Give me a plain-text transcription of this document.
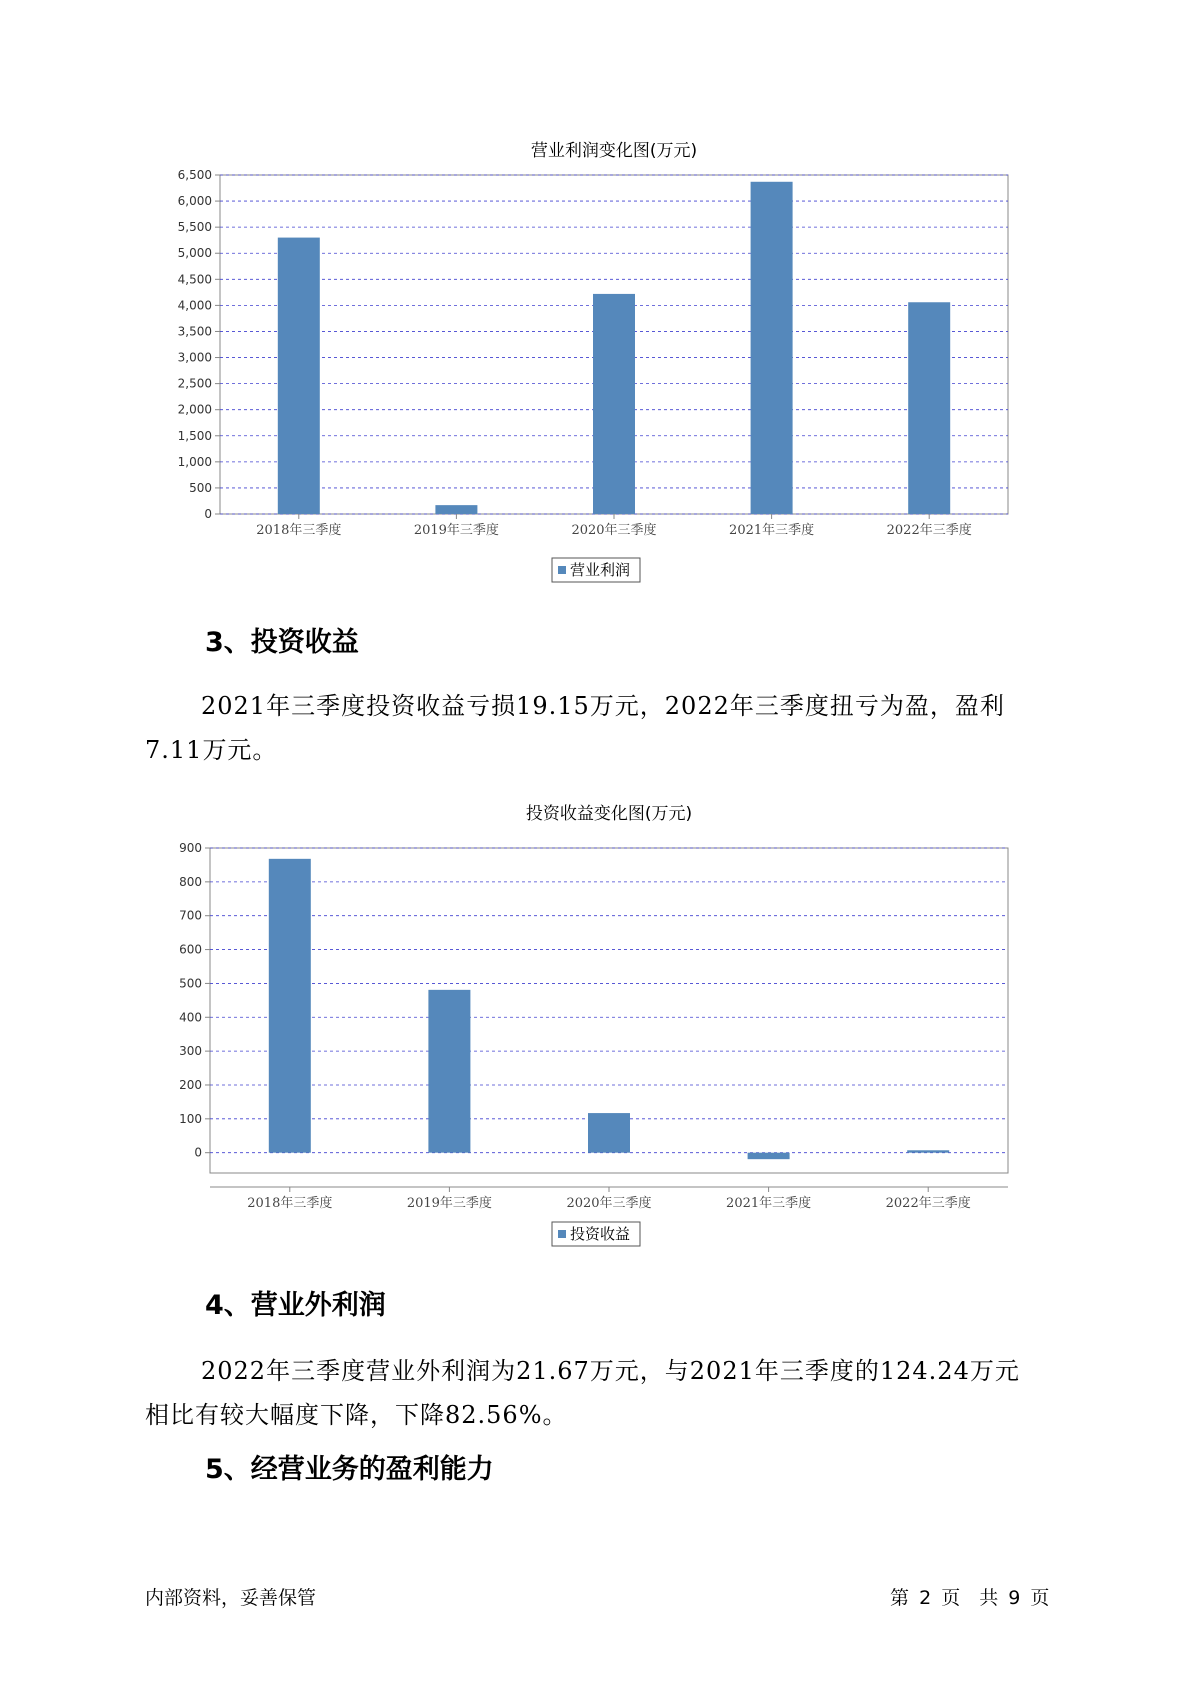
营业利润变化图(万元)
0
500
1,000
1,500
2,000
2,500
3,000
3,500
4,000
4,500
5,000
5,500
6,000
6,500
2018年三季度	2019年三季度	2020年三季度	2021年三季度	2022年三季度
营业利润
3、投资收益

2021年三季度投资收益亏损19.15万元，2022年三季度扭亏为盈，盈利

7.11万元。

投资收益变化图(万元)
0
100
200
300
400
500
600
700
800
900
2018年三季度	2019年三季度	2020年三季度	2021年三季度	2022年三季度
投资收益
4、营业外利润

2022年三季度营业外利润为21.67万元，与2021年三季度的124.24万元

相比有较大幅度下降，下降82.56%。

5、经营业务的盈利能力
内部资料，妥善保管	第 2 页　共 9 页
